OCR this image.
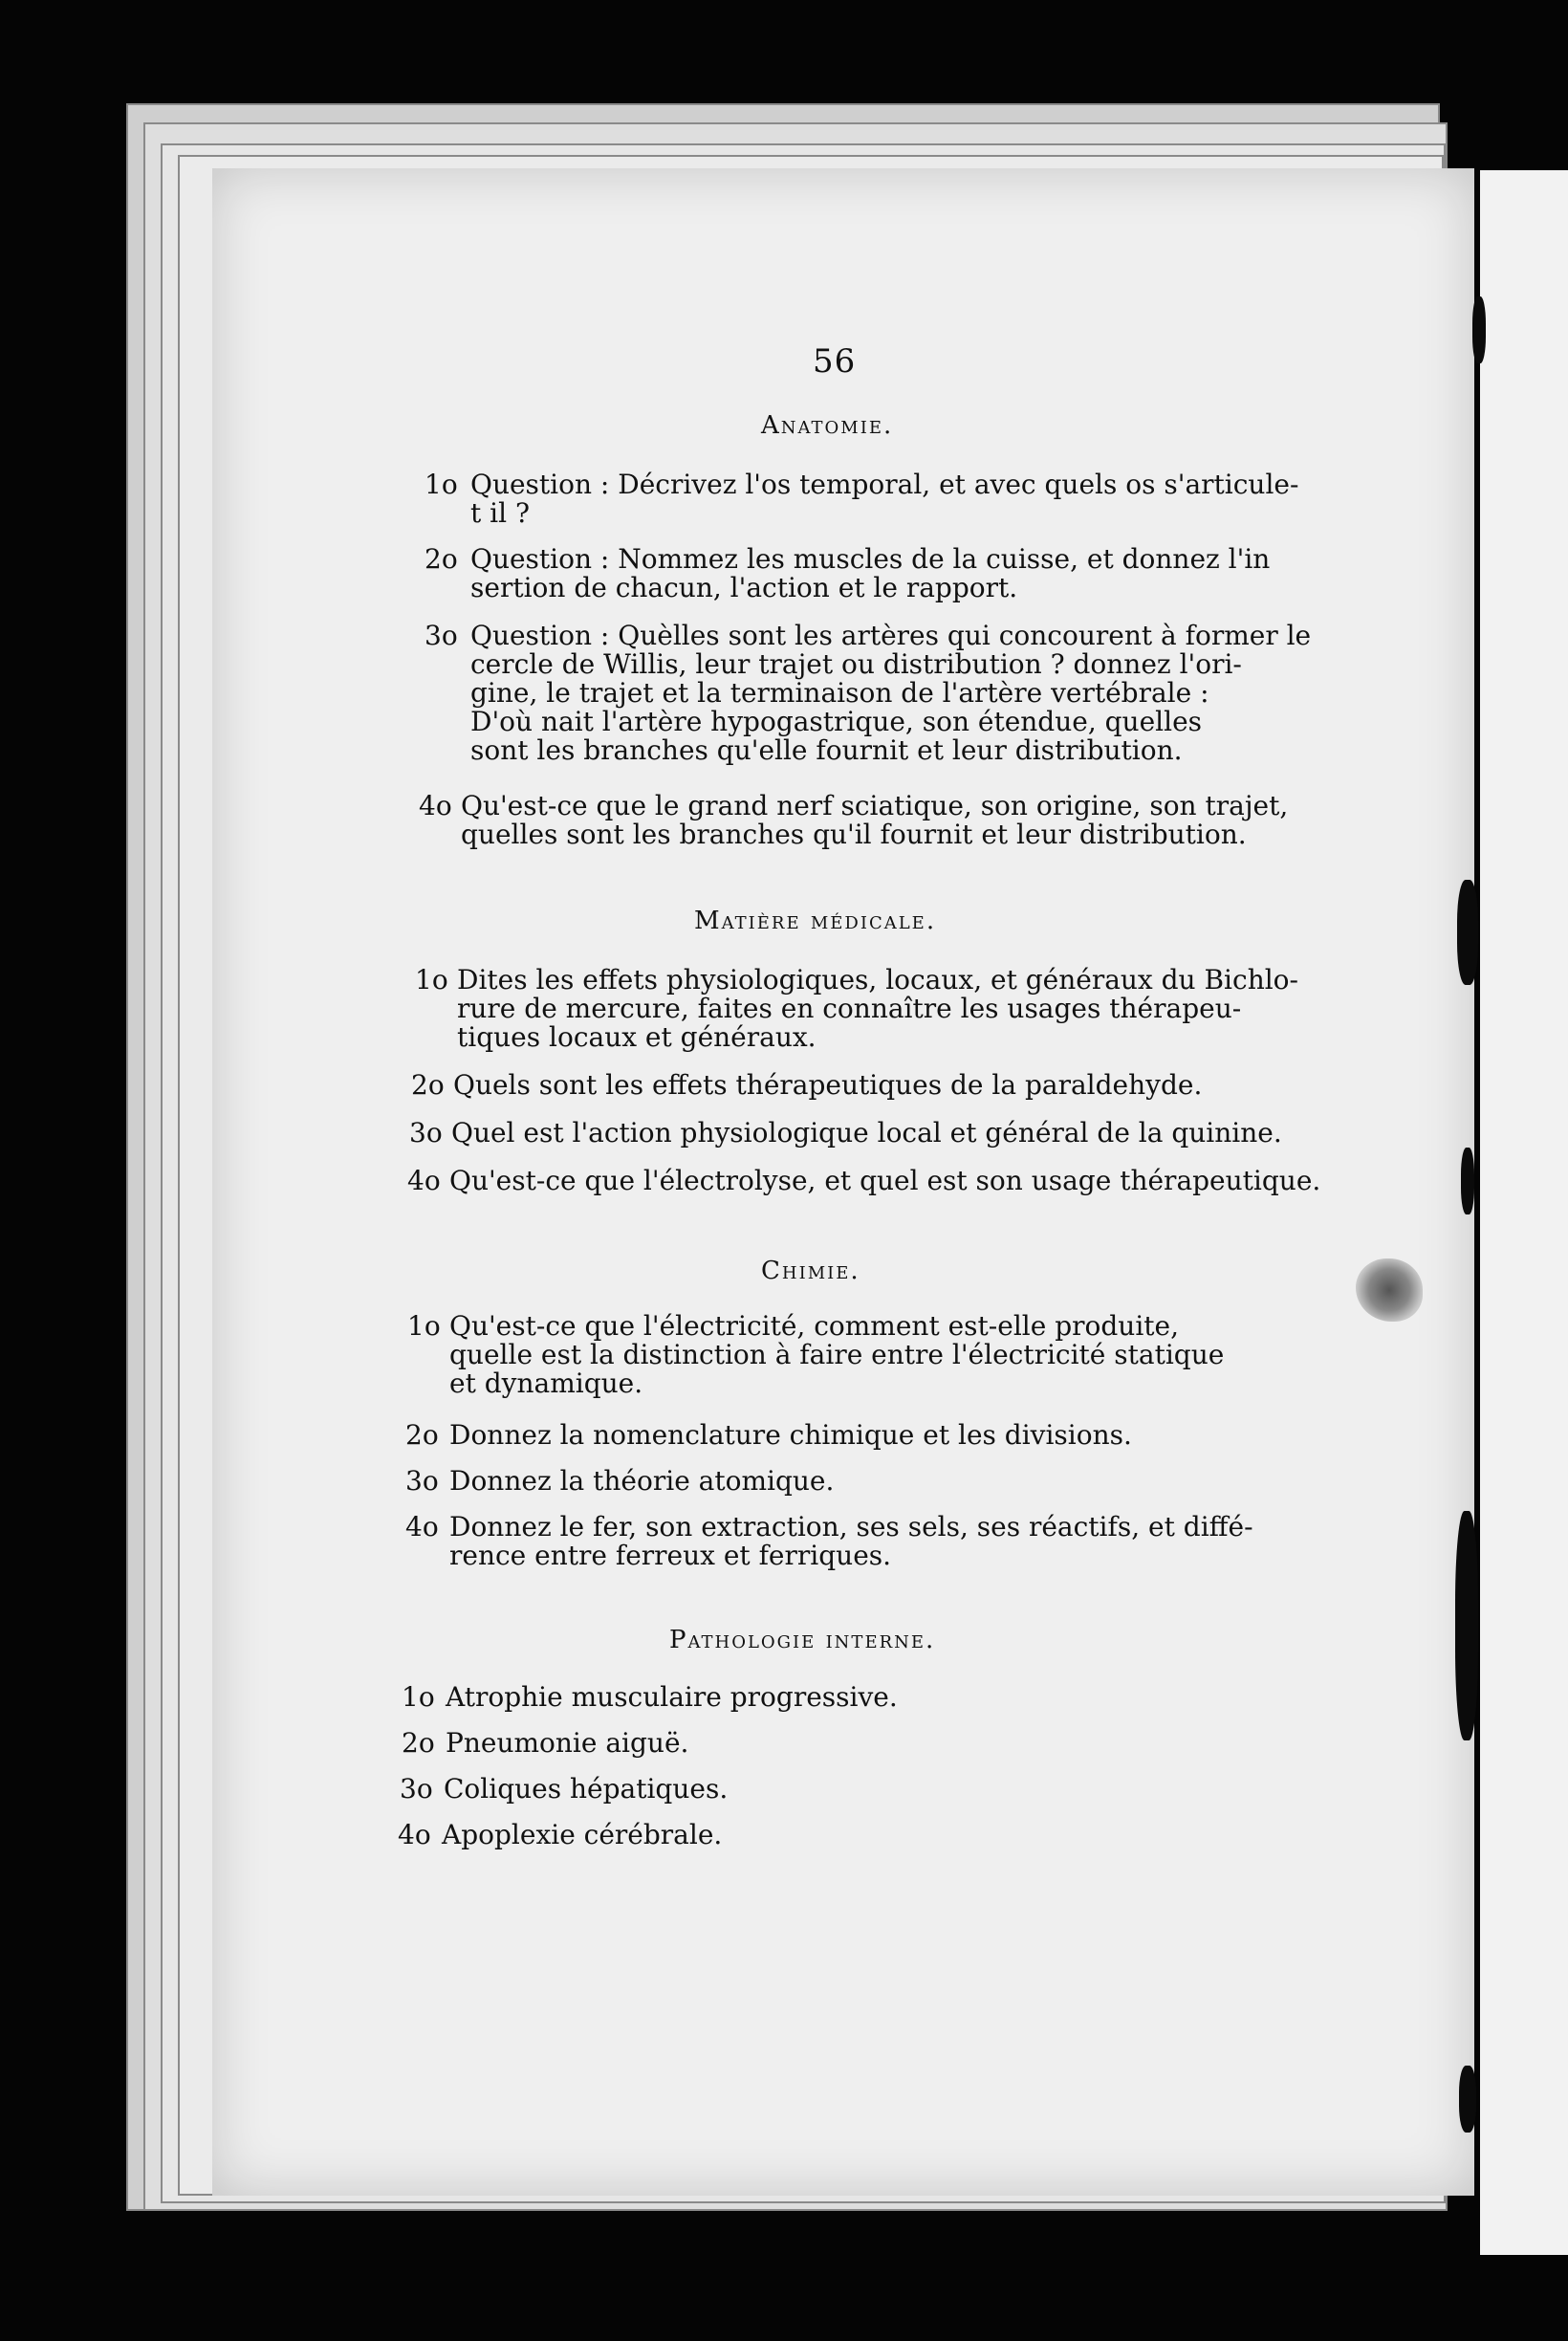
56
Anatomie.
1o Question : Décrivez l'os temporal, et avec quels os s'articule-
t il ?
2o Question : Nommez les muscles de la cuisse, et donnez l'in
sertion de chacun, l'action et le rapport.
3o Question : Quèlles sont les artères qui concourent à former le
cercle de Willis, leur trajet ou distribution ? donnez l'ori-
gine, le trajet et la terminaison de l'artère vertébrale :
D'où nait l'artère hypogastrique, son étendue, quelles
sont les branches qu'elle fournit et leur distribution.
4o Qu'est-ce que le grand nerf sciatique, son origine, son trajet,
quelles sont les branches qu'il fournit et leur distribution.
Matière médicale.
1o Dites les effets physiologiques, locaux, et généraux du Bichlo-
rure de mercure, faites en connaître les usages thérapeu-
tiques locaux et généraux.
2o Quels sont les effets thérapeutiques de la paraldehyde.
3o Quel est l'action physiologique local et général de la quinine.
4o Qu'est-ce que l'électrolyse, et quel est son usage thérapeutique.
Chimie.
1o Qu'est-ce que l'électricité, comment est-elle produite,
quelle est la distinction à faire entre l'électricité statique
et dynamique.
2o Donnez la nomenclature chimique et les divisions.
3o Donnez la théorie atomique.
4o Donnez le fer, son extraction, ses sels, ses réactifs, et diffé-
rence entre ferreux et ferriques.
Pathologie interne.
1o Atrophie musculaire progressive.
2o Pneumonie aiguë.
3o Coliques hépatiques.
4o Apoplexie cérébrale.
